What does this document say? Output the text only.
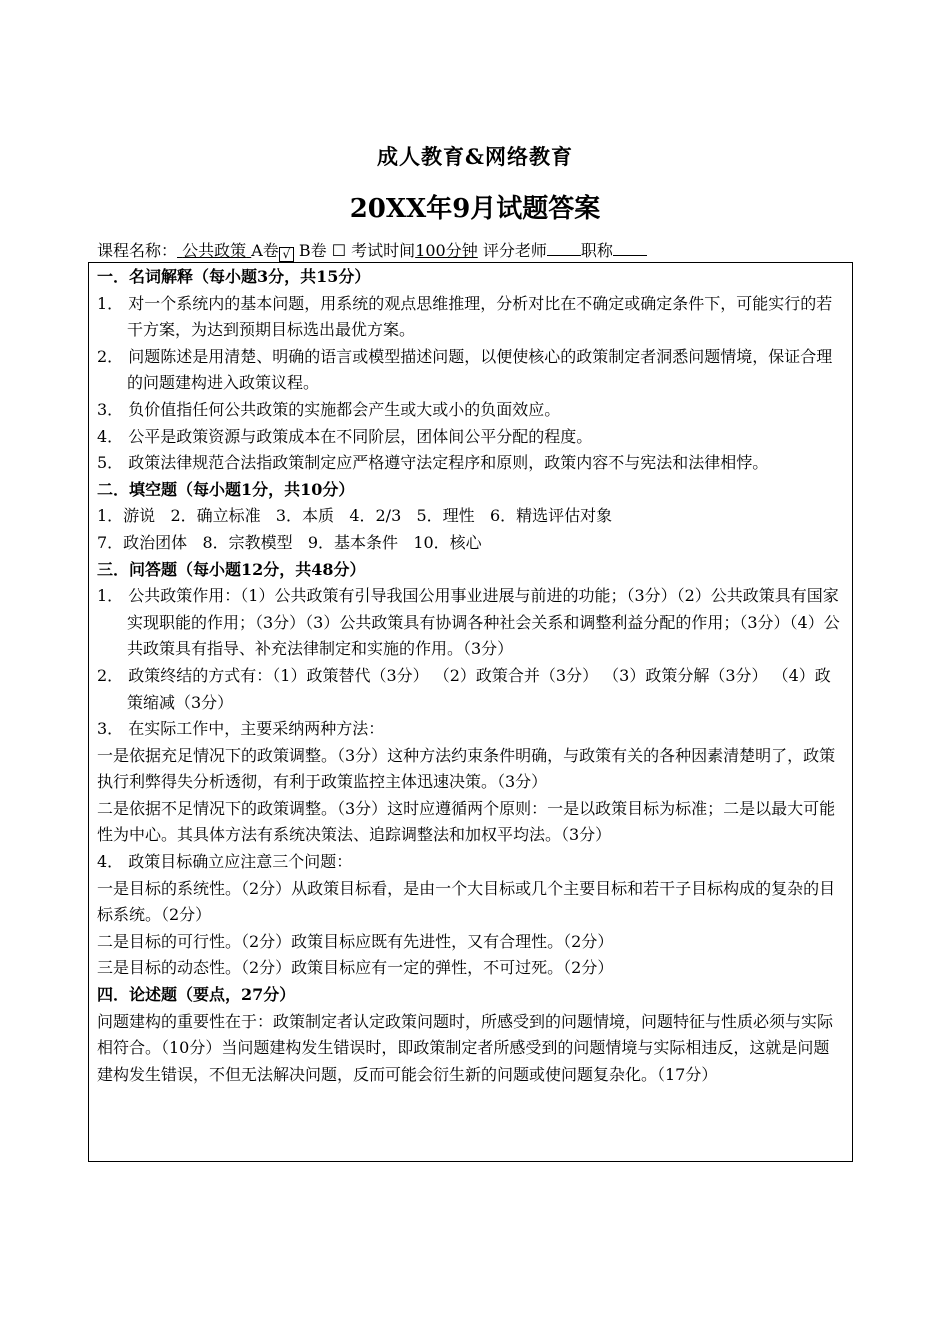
成人教育&网络教育
20XX年9月试题答案
课程名称： 公共政策 A卷 √ B卷 ☐ 考试时间100分钟 评分老师 职称
一．名词解释（每小题3分，共15分）
1． 对一个系统内的基本问题，用系统的观点思维推理，分析对比在不确定或确定条件下，可能实行的若干方案，为达到预期目标选出最优方案。
2． 问题陈述是用清楚、明确的语言或模型描述问题，以便使核心的政策制定者洞悉问题情境，保证合理的问题建构进入政策议程。
3． 负价值指任何公共政策的实施都会产生或大或小的负面效应。
4． 公平是政策资源与政策成本在不同阶层，团体间公平分配的程度。
5． 政策法律规范合法指政策制定应严格遵守法定程序和原则，政策内容不与宪法和法律相悖。
二．填空题（每小题1分，共10分）
1．游说   2．确立标准   3．本质   4．2/3   5．理性   6．精选评估对象
7．政治团体   8．宗教模型   9．基本条件   10．核心
三．问答题（每小题12分，共48分）
1． 公共政策作用：（1）公共政策有引导我国公用事业进展与前进的功能；（3分）（2）公共政策具有国家实现职能的作用；（3分）（3）公共政策具有协调各种社会关系和调整利益分配的作用；（3分）（4）公共政策具有指导、补充法律制定和实施的作用。（3分）
2． 政策终结的方式有：（1）政策替代（3分） （2）政策合并（3分） （3）政策分解（3分） （4）政策缩减（3分）
3． 在实际工作中，主要采纳两种方法：
一是依据充足情况下的政策调整。（3分）这种方法约束条件明确，与政策有关的各种因素清楚明了，政策执行利弊得失分析透彻，有利于政策监控主体迅速决策。（3分）
二是依据不足情况下的政策调整。（3分）这时应遵循两个原则：一是以政策目标为标准；二是以最大可能性为中心。其具体方法有系统决策法、追踪调整法和加权平均法。（3分）
4． 政策目标确立应注意三个问题：
一是目标的系统性。（2分）从政策目标看，是由一个大目标或几个主要目标和若干子目标构成的复杂的目标系统。（2分）
二是目标的可行性。（2分）政策目标应既有先进性，又有合理性。（2分）
三是目标的动态性。（2分）政策目标应有一定的弹性，不可过死。（2分）
四．论述题（要点，27分）
问题建构的重要性在于：政策制定者认定政策问题时，所感受到的问题情境，问题特征与性质必须与实际相符合。（10分）当问题建构发生错误时，即政策制定者所感受到的问题情境与实际相违反，这就是问题建构发生错误，不但无法解决问题，反而可能会衍生新的问题或使问题复杂化。（17分）
